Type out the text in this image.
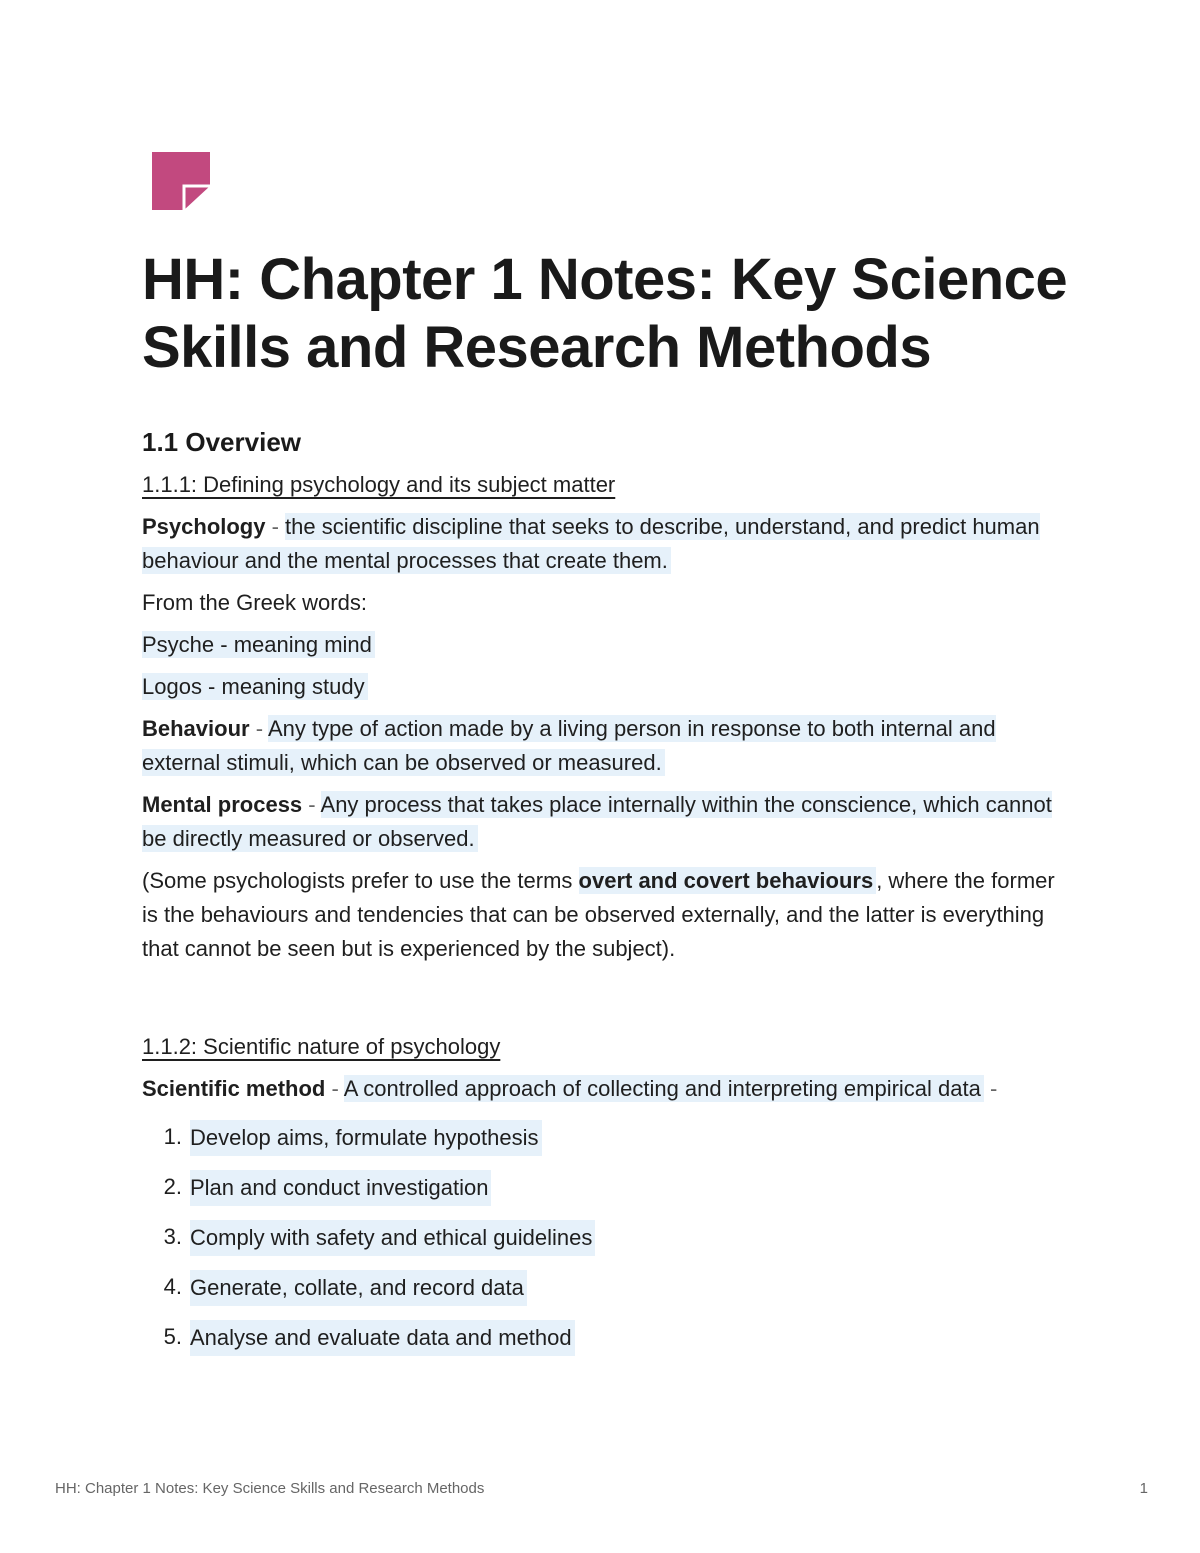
HH: Chapter 1 Notes: Key Science Skills and Research Methods
1.1 Overview
1.1.1: Defining psychology and its subject matter

Psychology - the scientific discipline that seeks to describe, understand, and predict human behaviour and the mental processes that create them.

From the Greek words:

Psyche - meaning mind

Logos - meaning study

Behaviour - Any type of action made by a living person in response to both internal and external stimuli, which can be observed or measured.

Mental process - Any process that takes place internally within the conscience, which cannot be directly measured or observed.

(Some psychologists prefer to use the terms overt and covert behaviours , where the former is the behaviours and tendencies that can be observed externally, and the latter is everything that cannot be seen but is experienced by the subject).

1.1.2: Scientific nature of psychology

Scientific method - A controlled approach of collecting and interpreting empirical data -

1. Develop aims, formulate hypothesis
2. Plan and conduct investigation
3. Comply with safety and ethical guidelines
4. Generate, collate, and record data
5. Analyse and evaluate data and method
HH: Chapter 1 Notes: Key Science Skills and Research Methods	1
